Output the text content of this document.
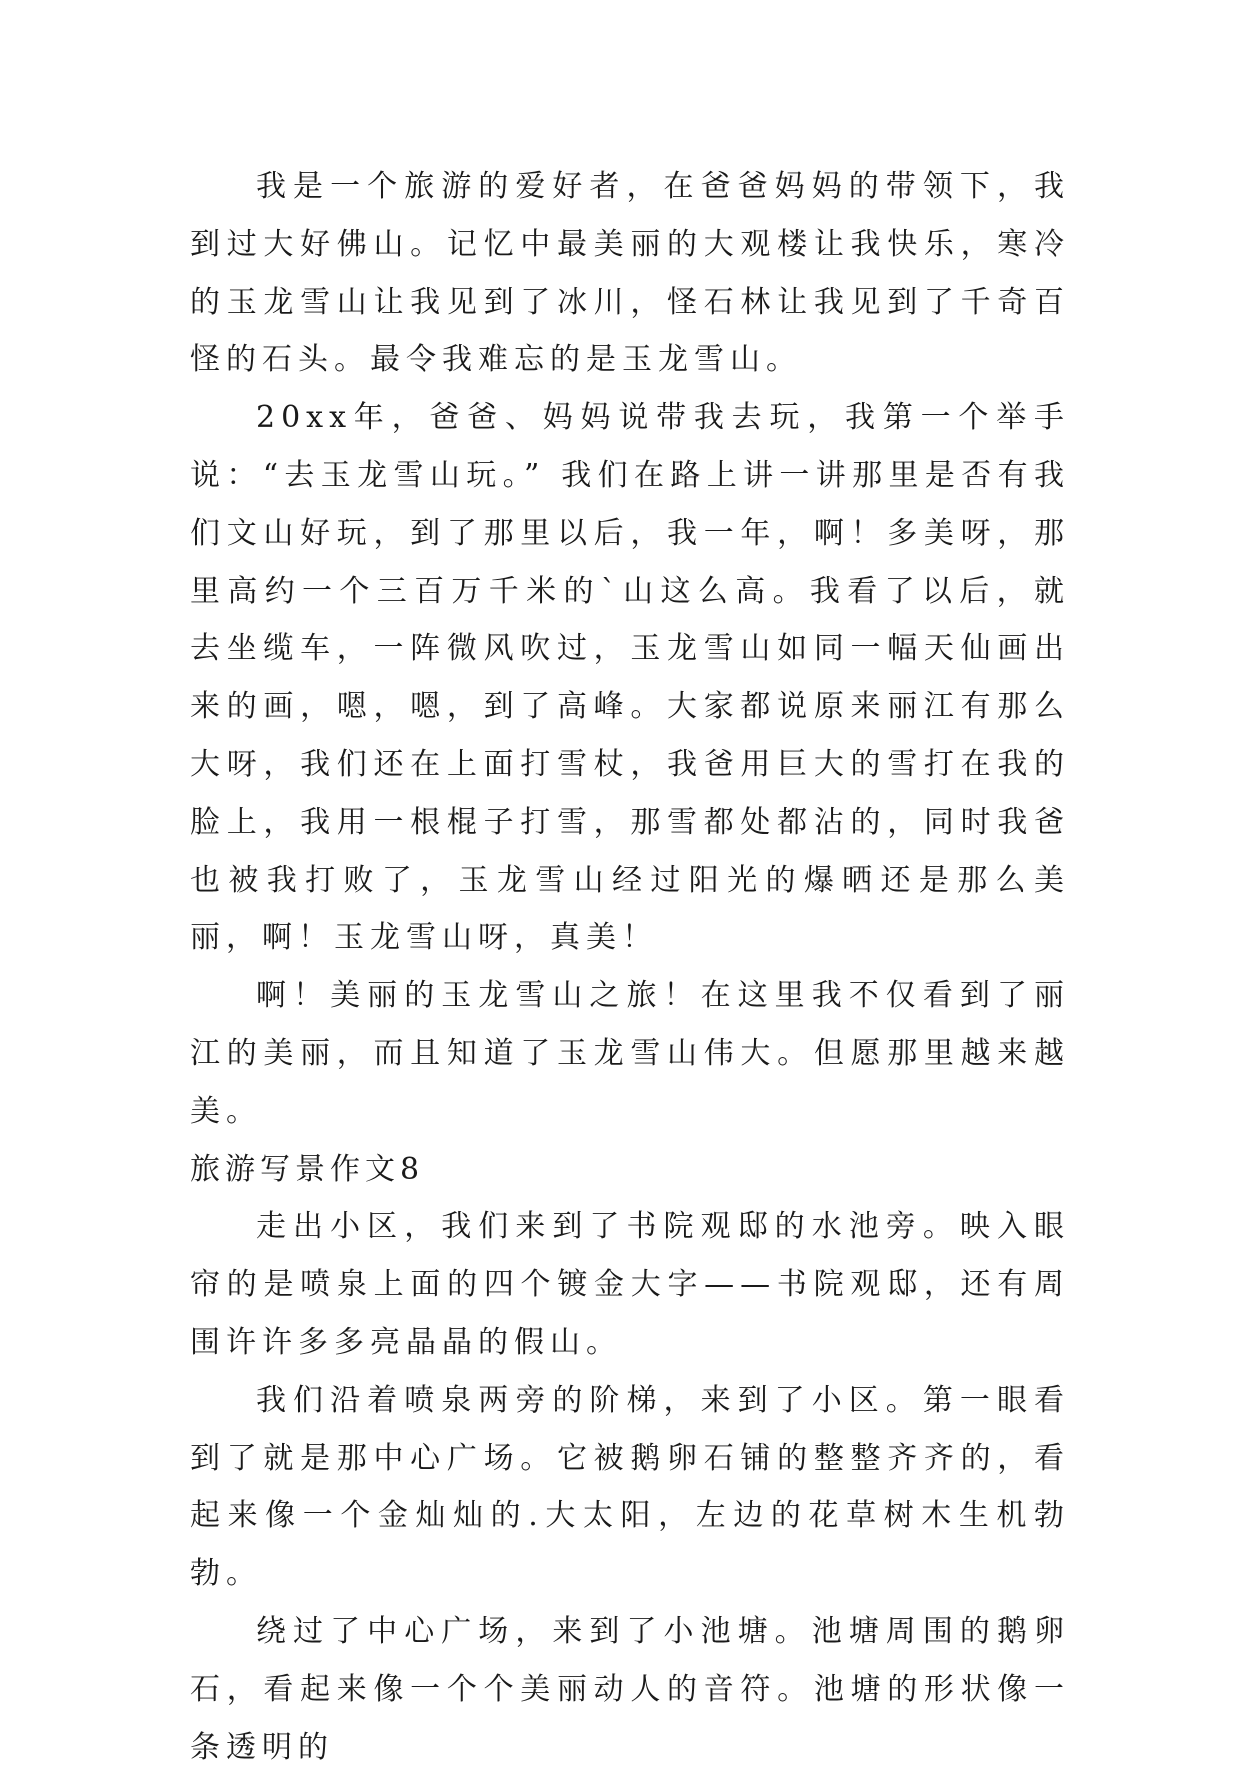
我是一个旅游的爱好者，在爸爸妈妈的带领下，我到过大好佛山。记忆中最美丽的大观楼让我快乐，寒冷的玉龙雪山让我见到了冰川，怪石林让我见到了千奇百怪的石头。最令我难忘的是玉龙雪山。

20xx年，爸爸、妈妈说带我去玩，我第一个举手说：“去玉龙雪山玩。” 我们在路上讲一讲那里是否有我们文山好玩，到了那里以后，我一年，啊！多美呀，那里高约一个三百万千米的`山这么高。我看了以后，就去坐缆车，一阵微风吹过，玉龙雪山如同一幅天仙画出来的画，嗯，嗯，到了高峰。大家都说原来丽江有那么大呀，我们还在上面打雪杖，我爸用巨大的雪打在我的脸上，我用一根棍子打雪，那雪都处都沾的，同时我爸也被我打败了，玉龙雪山经过阳光的爆晒还是那么美丽，啊！玉龙雪山呀，真美！

啊！美丽的玉龙雪山之旅！在这里我不仅看到了丽江的美丽，而且知道了玉龙雪山伟大。但愿那里越来越美。

旅游写景作文8

走出小区，我们来到了书院观邸的水池旁。映入眼帘的是喷泉上面的四个镀金大字——书院观邸，还有周围许许多多亮晶晶的假山。

我们沿着喷泉两旁的阶梯，来到了小区。第一眼看到了就是那中心广场。它被鹅卵石铺的整整齐齐的，看起来像一个金灿灿的.大太阳，左边的花草树木生机勃勃。

绕过了中心广场，来到了小池塘。池塘周围的鹅卵石，看起来像一个个美丽动人的音符。池塘的形状像一条透明的
